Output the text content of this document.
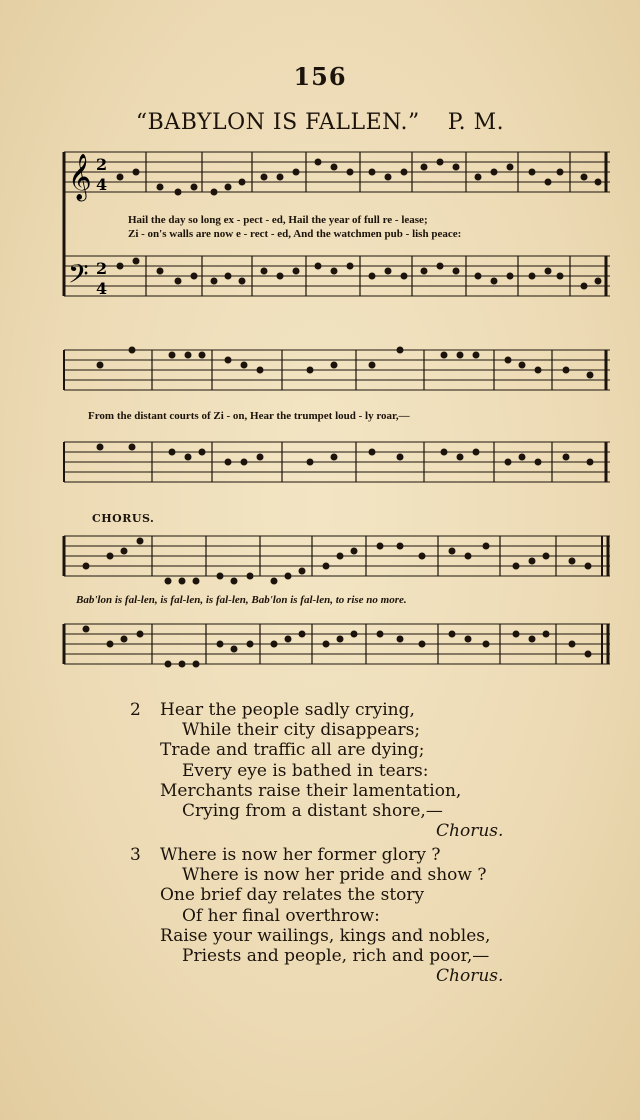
156
“BABYLON IS FALLEN.” P. M.
𝄞
𝄢
2
4
2
4
Hail the day so long ex - pect - ed, Hail the year of full re - lease;
Zi - on's walls are now e - rect - ed, And the watchmen pub - lish peace:
From the distant courts of Zi - on, Hear the trumpet loud - ly roar,—
CHORUS.
Bab'lon is fal-len, is fal-len, is fal-len, Bab'lon is fal-len, to rise no more.
2	Hear the people sadly crying,
While their city disappears;
Trade and traffic all are dying;
Every eye is bathed in tears:
Merchants raise their lamentation,
Crying from a distant shore,—
Chorus.
3	Where is now her former glory ?
Where is now her pride and show ?
One brief day relates the story
Of her final overthrow:
Raise your wailings, kings and nobles,
Priests and people, rich and poor,—
Chorus.
